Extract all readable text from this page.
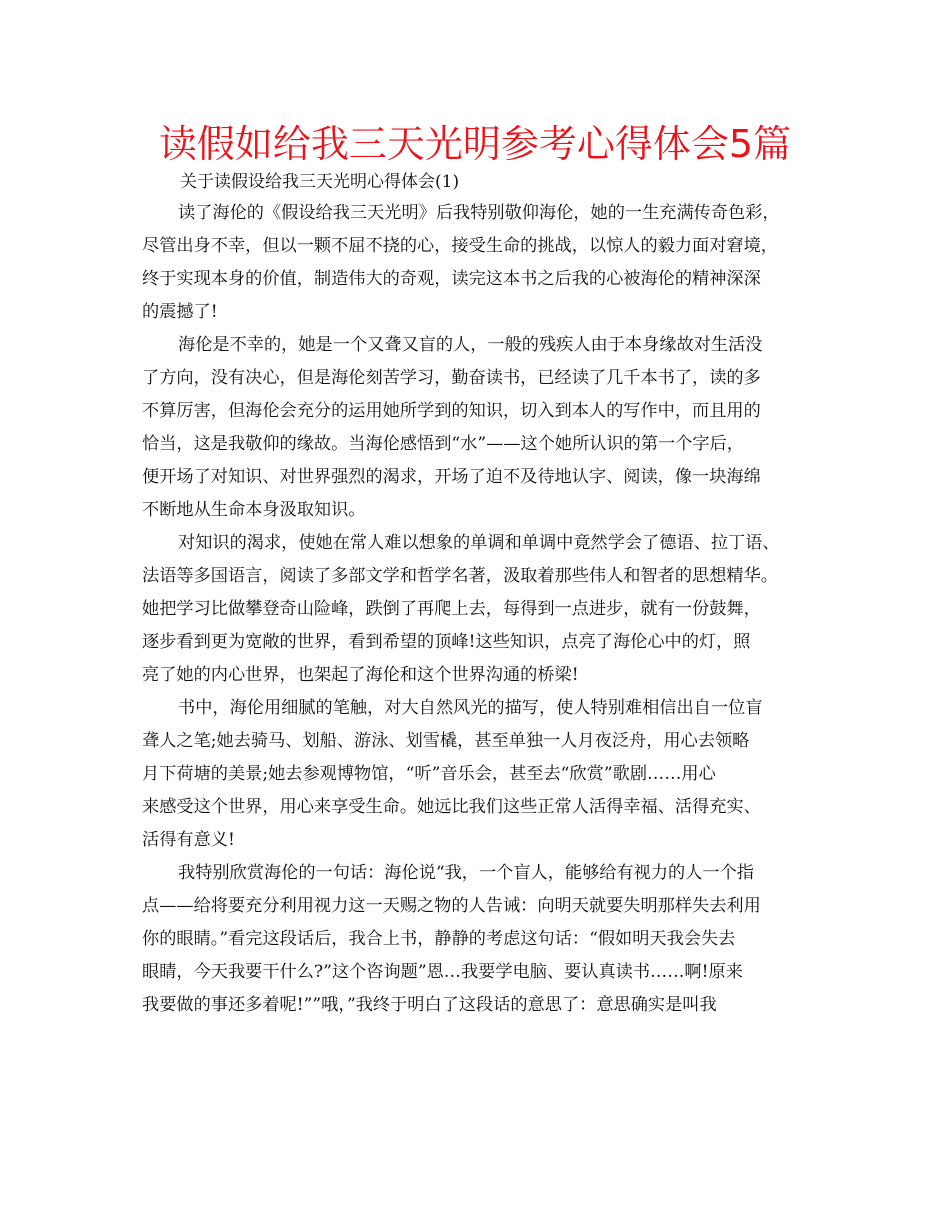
读假如给我三天光明参考心得体会5篇
关于读假设给我三天光明心得体会(1)
读了海伦的《假设给我三天光明》后我特别敬仰海伦，她的一生充满传奇色彩，
尽管出身不幸，但以一颗不屈不挠的心，接受生命的挑战，以惊人的毅力面对窘境，
终于实现本身的价值，制造伟大的奇观，读完这本书之后我的心被海伦的精神深深
的震撼了!
海伦是不幸的，她是一个又聋又盲的人，一般的残疾人由于本身缘故对生活没
了方向，没有决心，但是海伦刻苦学习，勤奋读书，已经读了几千本书了，读的多
不算厉害，但海伦会充分的运用她所学到的知识，切入到本人的写作中，而且用的
恰当，这是我敬仰的缘故。当海伦感悟到“水”——这个她所认识的第一个字后，
便开场了对知识、对世界强烈的渴求，开场了迫不及待地认字、阅读，像一块海绵
不断地从生命本身汲取知识。
对知识的渴求，使她在常人难以想象的单调和单调中竟然学会了德语、拉丁语、
法语等多国语言，阅读了多部文学和哲学名著，汲取着那些伟人和智者的思想精华。
她把学习比做攀登奇山险峰，跌倒了再爬上去，每得到一点进步，就有一份鼓舞，
逐步看到更为宽敞的世界，看到希望的顶峰!这些知识，点亮了海伦心中的灯，照
亮了她的内心世界，也架起了海伦和这个世界沟通的桥梁!
书中，海伦用细腻的笔触，对大自然风光的描写，使人特别难相信出自一位盲
聋人之笔;她去骑马、划船、游泳、划雪橇，甚至单独一人月夜泛舟，用心去领略
月下荷塘的美景;她去参观博物馆，“听”音乐会，甚至去“欣赏”歌剧……用心
来感受这个世界，用心来享受生命。她远比我们这些正常人活得幸福、活得充实、
活得有意义!
我特别欣赏海伦的一句话：海伦说“我，一个盲人，能够给有视力的人一个指
点——给将要充分利用视力这一天赐之物的人告诫：向明天就要失明那样失去利用
你的眼睛。”看完这段话后，我合上书，静静的考虑这句话：“假如明天我会失去
眼睛，今天我要干什么?”这个咨询题”恩…我要学电脑、要认真读书……啊!原来
我要做的事还多着呢!””哦，”我终于明白了这段话的意思了：意思确实是叫我
